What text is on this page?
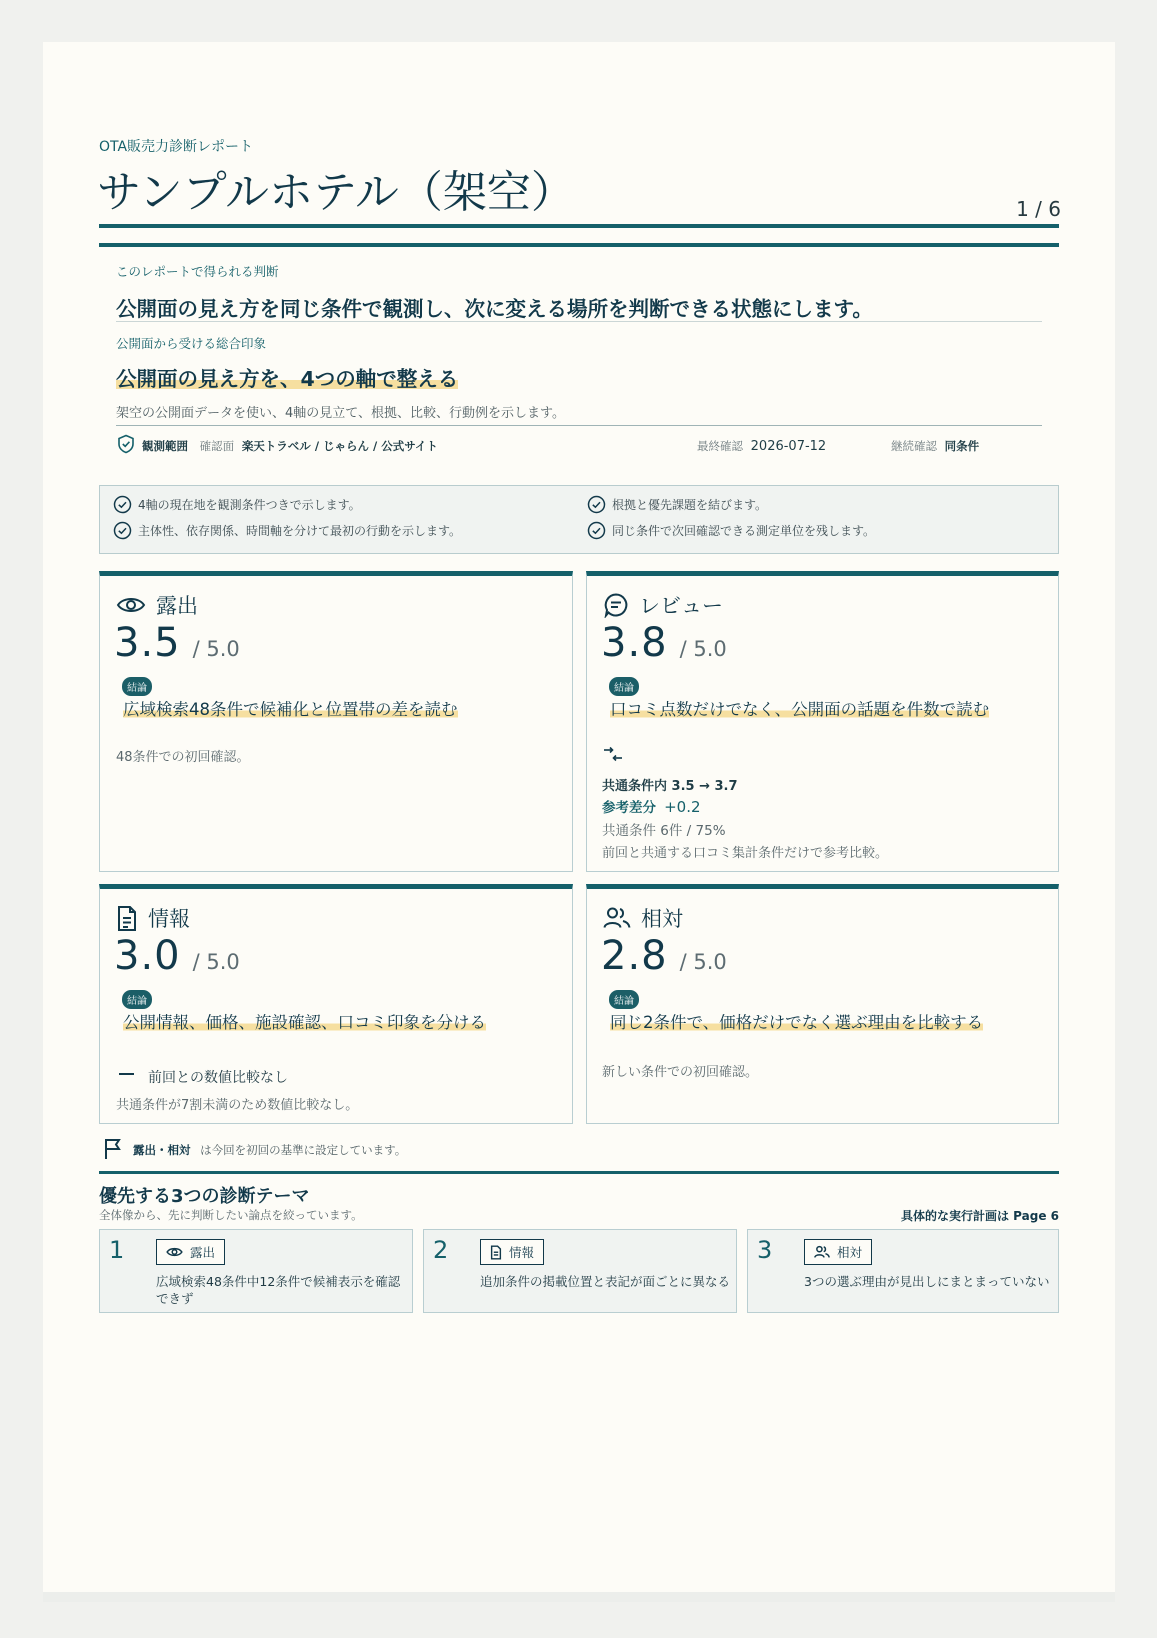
OTA販売力診断レポート
サンプルホテル（架空）	1 / 6
このレポートで得られる判断
公開面の見え方を同じ条件で観測し、次に変える場所を判断できる状態にします。
公開面から受ける総合印象
公開面の見え方を、4つの軸で整える
架空の公開面データを使い、4軸の見立て、根拠、比較、行動例を示します。
観測範囲 確認面 楽天トラベル / じゃらん / 公式サイト	最終確認 2026-07-12	継続確認 同条件
4軸の現在地を観測条件つきで示します。	根拠と優先課題を結びます。
主体性、依存関係、時間軸を分けて最初の行動を示します。	同じ条件で次回確認できる測定単位を残します。
露出
3.5 / 5.0
結論
広域検索48条件で候補化と位置帯の差を読む
48条件での初回確認。
レビュー
3.8 / 5.0
結論
口コミ点数だけでなく、公開面の話題を件数で読む
共通条件内 3.5 → 3.7
参考差分 +0.2
共通条件 6件 / 75%
前回と共通する口コミ集計条件だけで参考比較。
情報
3.0 / 5.0
結論
公開情報、価格、施設確認、口コミ印象を分ける
前回との数値比較なし
共通条件が7割未満のため数値比較なし。
相対
2.8 / 5.0
結論
同じ2条件で、価格だけでなく選ぶ理由を比較する
新しい条件での初回確認。
露出・相対 は今回を初回の基準に設定しています。
優先する3つの診断テーマ
全体像から、先に判断したい論点を絞っています。	具体的な実行計画は Page 6
1	露出
広域検索48条件中12条件で候補表示を確認できず
2	情報
追加条件の掲載位置と表記が面ごとに異なる
3	相対
3つの選ぶ理由が見出しにまとまっていない
